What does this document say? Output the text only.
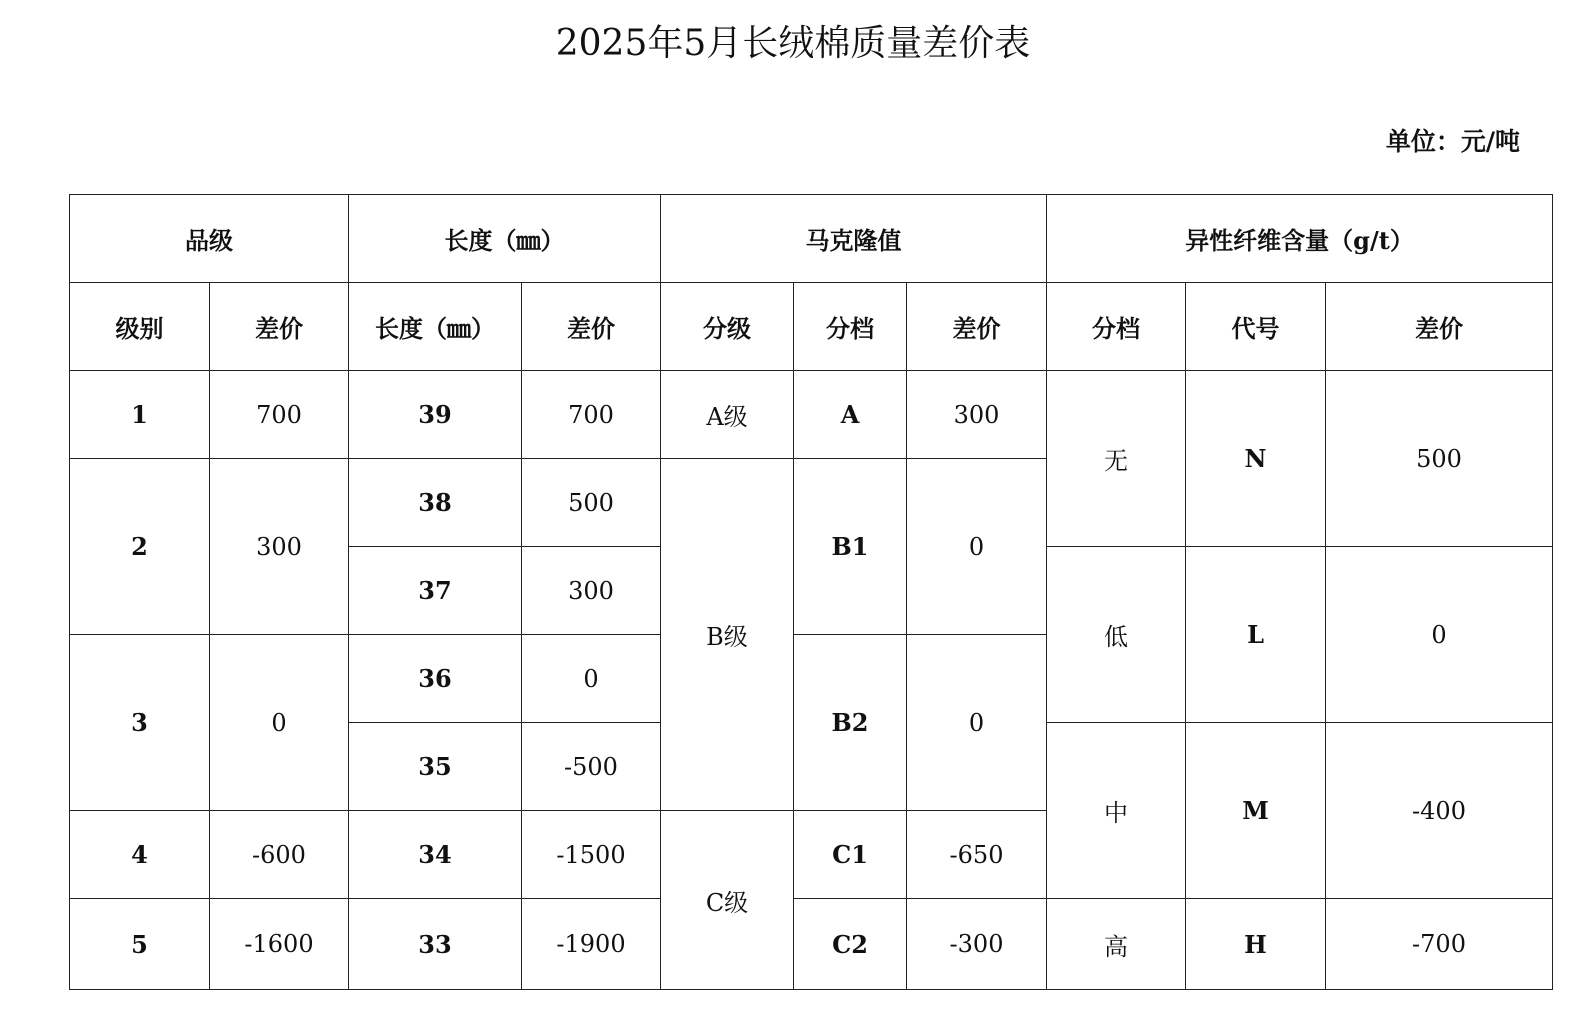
2025年5月长绒棉质量差价表
单位：元/吨
品级		长度（㎜）		马克隆值			异性纤维含量（g/t）		
级别	差价	长度（㎜）	差价	分级	分档	差价	分档	代号	差价
1	700	39	700	A级	A	300	无	N	500
2	300	38	500	B级	B1	0			
		37	300				低	L	0
3	0	36	0		B2	0			
		35	-500				中	M	-400
4	-600	34	-1500	C级	C1	-650			
5	-1600	33	-1900		C2	-300	高	H	-700
